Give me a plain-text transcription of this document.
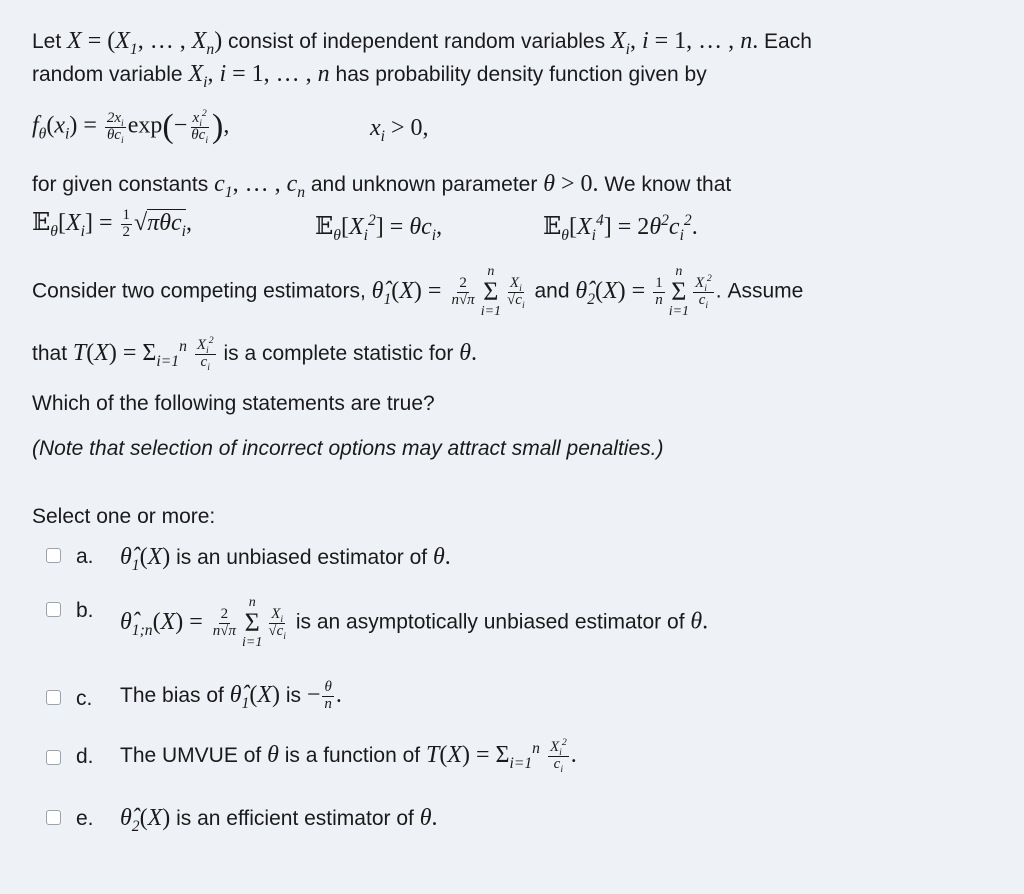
Let $X = (X_1$, … , $X_n$) consist of independent random variables $X_i$, i = 1, … , n. Each
random variable $X_i$, i = 1, … , n has probability density function given by
$f_\theta(x_i) = \frac{2x_i}{\theta c_i} \exp(- \frac{x_i^2}{\theta c_i}$ ),	$x_i > 0$,
for given constants $c_1$, … , $c_n$ and unknown parameter θ > 0. We know that
$𝔼_\theta[X_i] = \frac{1}{2} √\pi\theta c_i$,	$𝔼_\theta[X_i^2] = \theta c_i$,	$𝔼_\theta[X_i^4] = 2\theta^2c_i^2$.
Consider two competing estimators, $\thetâ_1(X) = \frac{2}{n√\pi}$
n
Σ
i=1
$\frac{X_i}{√c_i}$ and $\thetâ_2(X) = \frac{1}{n}$
n
Σ
i=1
$\frac{X_i^2}{c_i}$ . Assume
that $T(X) = \Sigma_{i=1}^n \frac{X_i^2}{c_i}$ is a complete statistic for θ.
Which of the following statements are true?
(Note that selection of incorrect options may attract small penalties.)
Select one or more:
a. $\thetâ_1(X)$ is an unbiased estimator of θ.
b. $\thetâ_{1;n}(X) = \frac{2}{n√\pi}$
n
Σ
i=1
$\frac{X_i}{√c_i}$ is an asymptotically unbiased estimator of θ.
c. The bias of $\thetâ_1(X)$ is − $\frac{\theta}{n}$ .
d. The UMVUE of θ is a function of $T(X) = \Sigma_{i=1}^n \frac{X_i^2}{c_i}$ .
e. $\thetâ_2(X)$ is an efficient estimator of θ.
